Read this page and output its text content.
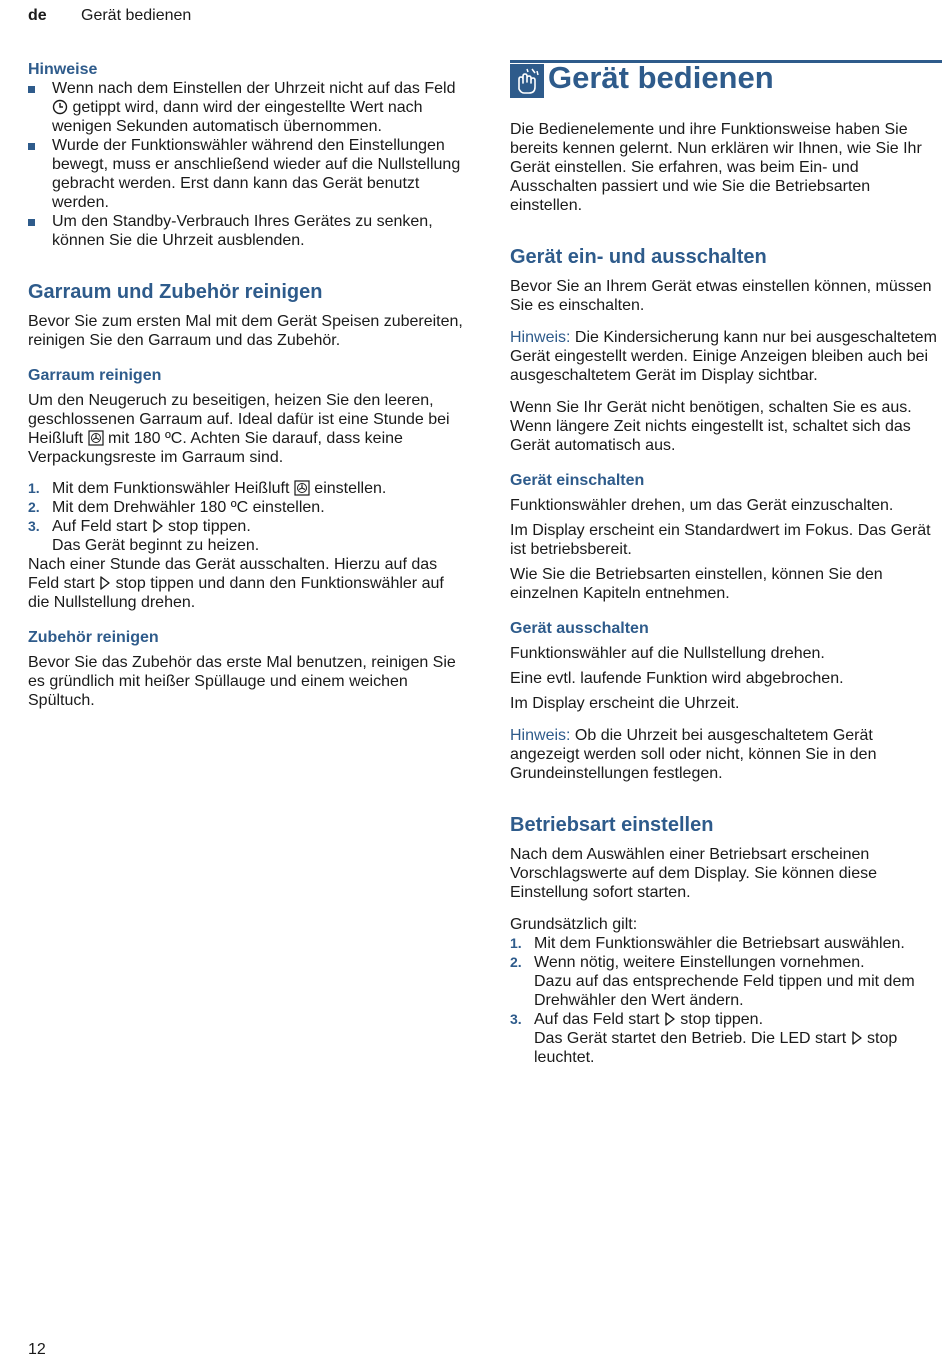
de Gerät bedienen
Hinweise
Wenn nach dem Einstellen der Uhrzeit nicht auf das Feld  getippt wird, dann wird der eingestellte Wert nach wenigen Sekunden automatisch übernommen.
Wurde der Funktionswähler während den Einstellungen bewegt, muss er anschließend wieder auf die Nullstellung gebracht werden. Erst dann kann das Gerät benutzt werden.
Um den Standby-Verbrauch Ihres Gerätes zu senken, können Sie die Uhrzeit ausblenden.
Garraum und Zubehör reinigen

Bevor Sie zum ersten Mal mit dem Gerät Speisen zubereiten, reinigen Sie den Garraum und das Zubehör.

Garraum reinigen

Um den Neugeruch zu beseitigen, heizen Sie den leeren, geschlossenen Garraum auf. Ideal dafür ist eine Stunde bei Heißluft  mit 180 ºC. Achten Sie darauf, dass keine Verpackungsreste im Garraum sind.

1. Mit dem Funktionswähler Heißluft  einstellen.
2. Mit dem Drehwähler 180 ºC einstellen.
3. Auf Feld start  stop tippen.
Das Gerät beginnt zu heizen.

Nach einer Stunde das Gerät ausschalten. Hierzu auf das Feld start  stop tippen und dann den Funktionswähler auf die Nullstellung drehen.

Zubehör reinigen

Bevor Sie das Zubehör das erste Mal benutzen, reinigen Sie es gründlich mit heißer Spüllauge und einem weichen Spültuch.

Gerät bedienen

Die Bedienelemente und ihre Funktionsweise haben Sie bereits kennen gelernt. Nun erklären wir Ihnen, wie Sie Ihr Gerät einstellen. Sie erfahren, was beim Ein- und Ausschalten passiert und wie Sie die Betriebsarten einstellen.

Gerät ein- und ausschalten

Bevor Sie an Ihrem Gerät etwas einstellen können, müssen Sie es einschalten.

Hinweis: Die Kindersicherung kann nur bei ausgeschaltetem Gerät eingestellt werden. Einige Anzeigen bleiben auch bei ausgeschaltetem Gerät im Display sichtbar.

Wenn Sie Ihr Gerät nicht benötigen, schalten Sie es aus. Wenn längere Zeit nichts eingestellt ist, schaltet sich das Gerät automatisch aus.

Gerät einschalten

Funktionswähler drehen, um das Gerät einzuschalten.

Im Display erscheint ein Standardwert im Fokus. Das Gerät ist betriebsbereit.

Wie Sie die Betriebsarten einstellen, können Sie den einzelnen Kapiteln entnehmen.

Gerät ausschalten

Funktionswähler auf die Nullstellung drehen.

Eine evtl. laufende Funktion wird abgebrochen.

Im Display erscheint die Uhrzeit.

Hinweis: Ob die Uhrzeit bei ausgeschaltetem Gerät angezeigt werden soll oder nicht, können Sie in den Grundeinstellungen festlegen.

Betriebsart einstellen

Nach dem Auswählen einer Betriebsart erscheinen Vorschlagswerte auf dem Display. Sie können diese Einstellung sofort starten.

Grundsätzlich gilt:

1. Mit dem Funktionswähler die Betriebsart auswählen.
2. Wenn nötig, weitere Einstellungen vornehmen.
Dazu auf das entsprechende Feld tippen und mit dem Drehwähler den Wert ändern.
3. Auf das Feld start  stop tippen.
Das Gerät startet den Betrieb. Die LED start  stop leuchtet.
12
